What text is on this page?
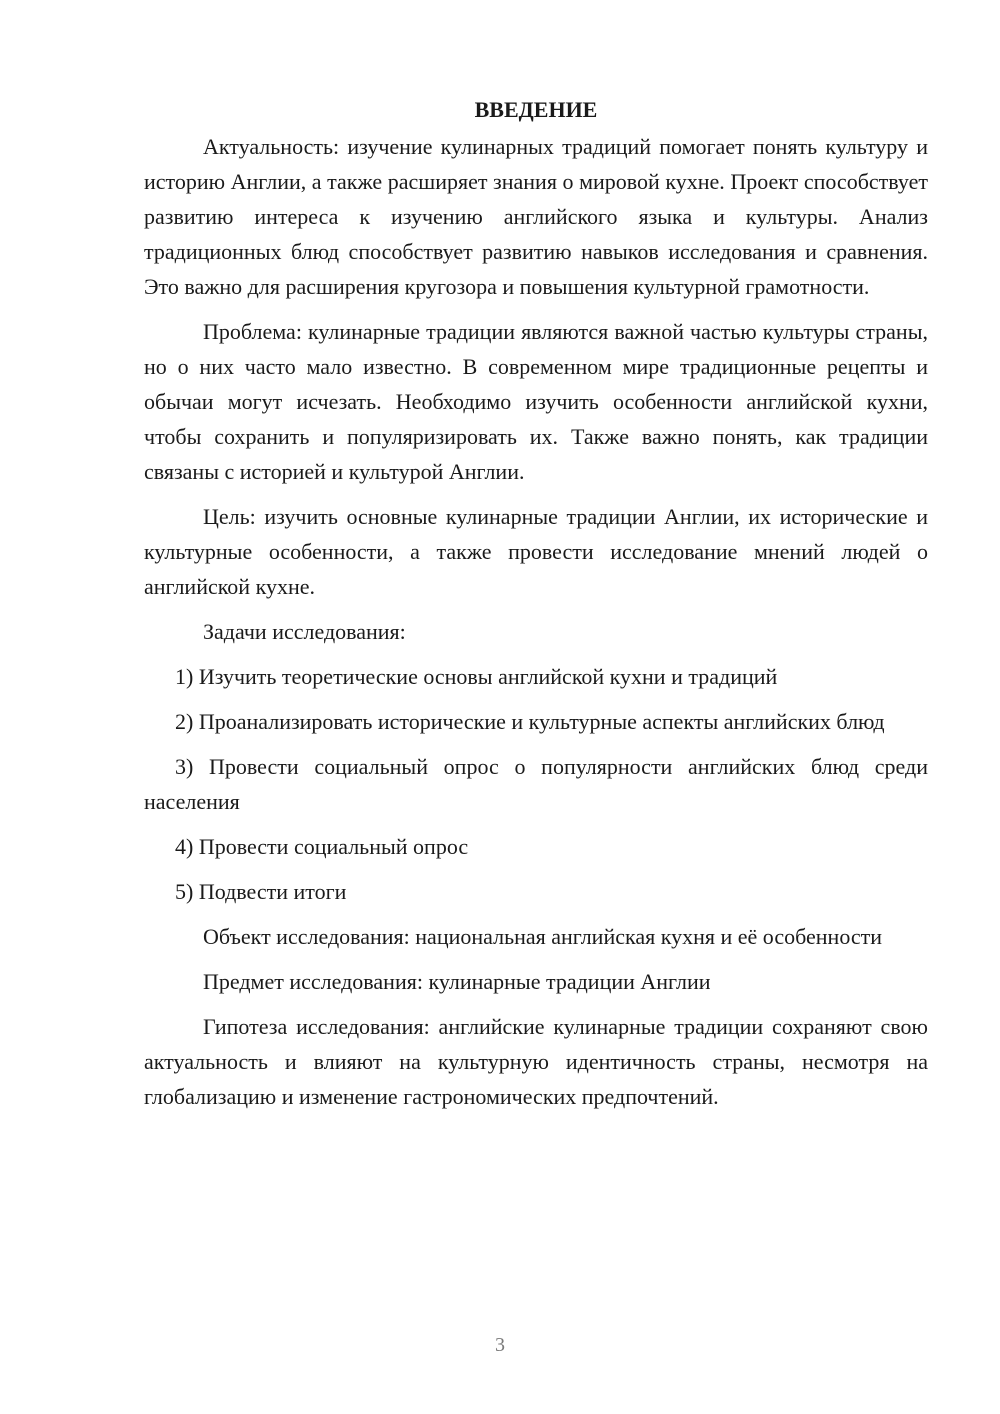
ВВЕДЕНИЕ

Актуальность: изучение кулинарных традиций помогает понять культуру и историю Англии, а также расширяет знания о мировой кухне. Проект способствует развитию интереса к изучению английского языка и культуры. Анализ традиционных блюд способствует развитию навыков исследования и сравнения. Это важно для расширения кругозора и повышения культурной грамотности.

Проблема: кулинарные традиции являются важной частью культуры страны, но о них часто мало известно. В современном мире традиционные рецепты и обычаи могут исчезать. Необходимо изучить особенности английской кухни, чтобы сохранить и популяризировать их. Также важно понять, как традиции связаны с историей и культурой Англии.

Цель: изучить основные кулинарные традиции Англии, их исторические и культурные особенности, а также провести исследование мнений людей о английской кухне.

Задачи исследования:

1) Изучить теоретические основы английской кухни и традиций

2) Проанализировать исторические и культурные аспекты английских блюд

3) Провести социальный опрос о популярности английских блюд среди населения

4) Провести социальный опрос

5) Подвести итоги

Объект исследования: национальная английская кухня и её особенности

Предмет исследования: кулинарные традиции Англии

Гипотеза исследования: английские кулинарные традиции сохраняют свою актуальность и влияют на культурную идентичность страны, несмотря на глобализацию и изменение гастрономических предпочтений.

3
